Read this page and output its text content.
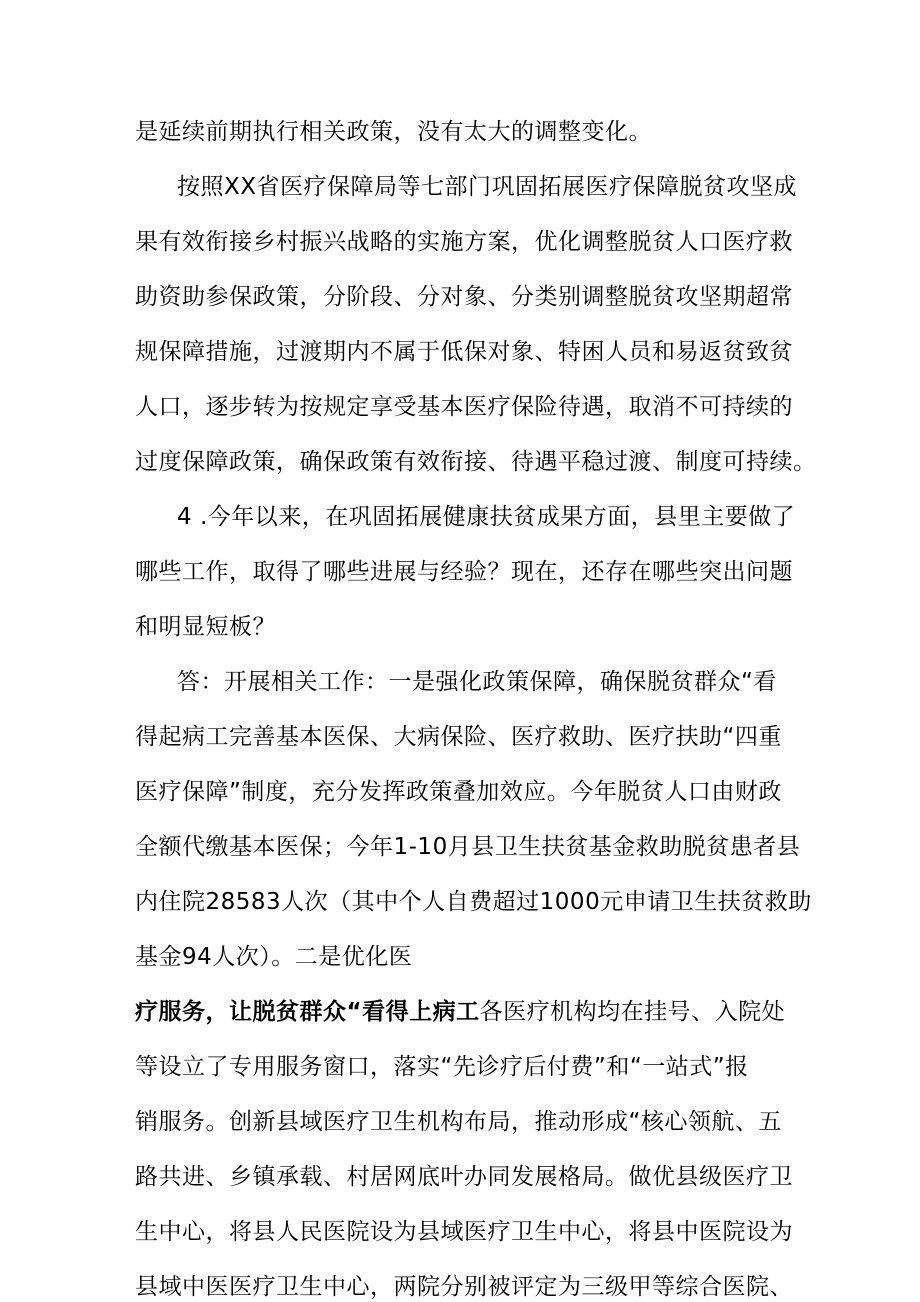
是延续前期执行相关政策，没有太大的调整变化。
按照XX省医疗保障局等七部门巩固拓展医疗保障脱贫攻坚成
果有效衔接乡村振兴战略的实施方案，优化调整脱贫人口医疗救
助资助参保政策，分阶段、分对象、分类别调整脱贫攻坚期超常
规保障措施，过渡期内不属于低保对象、特困人员和易返贫致贫
人口，逐步转为按规定享受基本医疗保险待遇，取消不可持续的
过度保障政策，确保政策有效衔接、待遇平稳过渡、制度可持续。
4 .今年以来，在巩固拓展健康扶贫成果方面，县里主要做了
哪些工作，取得了哪些进展与经验？现在，还存在哪些突出问题
和明显短板？
答：开展相关工作：一是强化政策保障，确保脱贫群众“看
得起病工完善基本医保、大病保险、医疗救助、医疗扶助“四重
医疗保障”制度，充分发挥政策叠加效应。今年脱贫人口由财政
全额代缴基本医保；今年1-10月县卫生扶贫基金救助脱贫患者县
内住院28583人次（其中个人自费超过1000元申请卫生扶贫救助
基金94人次）。二是优化医
疗服务，让脱贫群众“看得上病工各医疗机构均在挂号、入院处
等设立了专用服务窗口，落实“先诊疗后付费”和“一站式”报
销服务。创新县域医疗卫生机构布局，推动形成“核心领航、五
路共进、乡镇承载、村居网底叶办同发展格局。做优县级医疗卫
生中心，将县人民医院设为县域医疗卫生中心，将县中医院设为
县域中医医疗卫生中心，两院分别被评定为三级甲等综合医院、
